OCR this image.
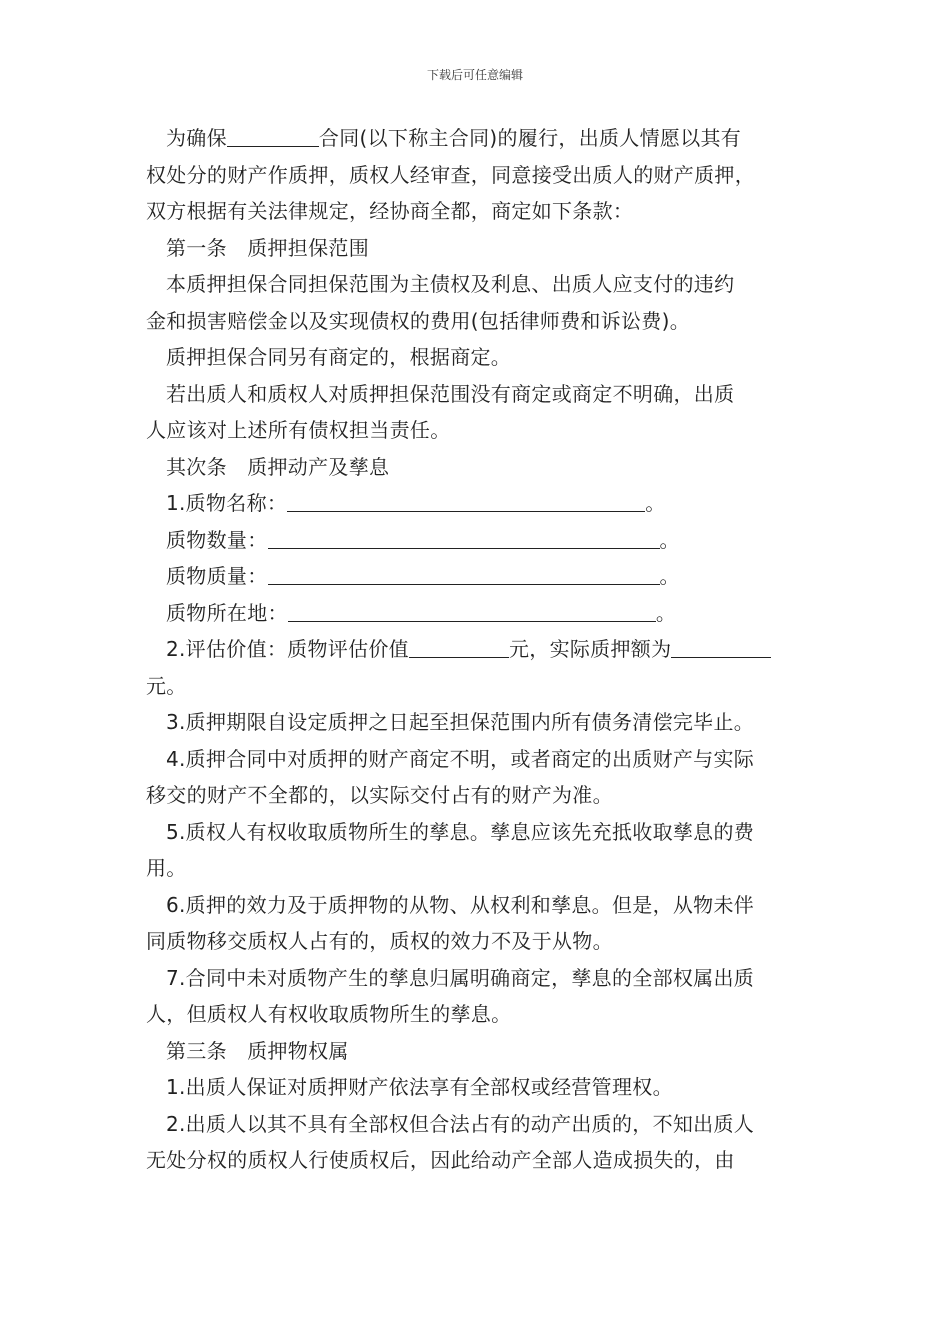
下载后可任意编辑
为确保	合同(以下称主合同)的履行，出质人情愿以其有
权处分的财产作质押，质权人经审查，同意接受出质人的财产质押，
双方根据有关法律规定，经协商全都，商定如下条款：
第一条　质押担保范围
本质押担保合同担保范围为主债权及利息、出质人应支付的违约
金和损害赔偿金以及实现债权的费用(包括律师费和诉讼费)。
质押担保合同另有商定的，根据商定。
若出质人和质权人对质押担保范围没有商定或商定不明确，出质
人应该对上述所有债权担当责任。
其次条　质押动产及孳息
1.质物名称：	。
质物数量：	。
质物质量：	。
质物所在地：	。
2.评估价值：质物评估价值	元，实际质押额为
元。
3.质押期限自设定质押之日起至担保范围内所有债务清偿完毕止。
4.质押合同中对质押的财产商定不明，或者商定的出质财产与实际
移交的财产不全都的，以实际交付占有的财产为准。
5.质权人有权收取质物所生的孳息。孳息应该先充抵收取孳息的费
用。
6.质押的效力及于质押物的从物、从权利和孳息。但是，从物未伴
同质物移交质权人占有的，质权的效力不及于从物。
7.合同中未对质物产生的孳息归属明确商定，孳息的全部权属出质
人，但质权人有权收取质物所生的孳息。
第三条　质押物权属
1.出质人保证对质押财产依法享有全部权或经营管理权。
2.出质人以其不具有全部权但合法占有的动产出质的，不知出质人
无处分权的质权人行使质权后，因此给动产全部人造成损失的，由
